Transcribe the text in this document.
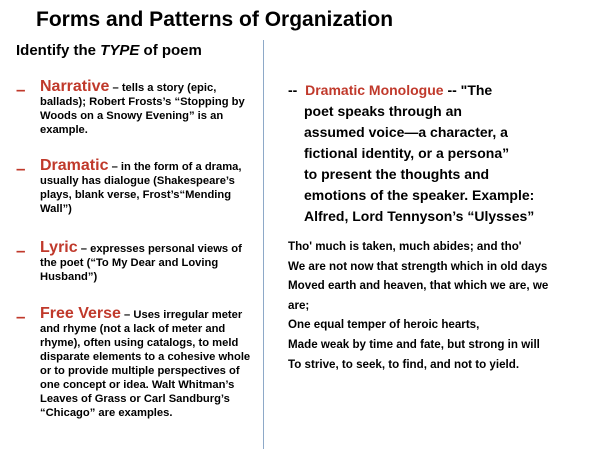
Forms and Patterns of Organization
Identify the TYPE of poem
– Narrative – tells a story (epic, ballads); Robert Frosts’s “Stopping by Woods on a Snowy Evening” is an example.
– Dramatic – in the form of a drama, usually has dialogue (Shakespeare’s plays, blank verse, Frost’s“Mending Wall”)
– Lyric – expresses personal views of the poet (“To My Dear and Loving Husband”)
– Free Verse – Uses irregular meter and rhyme (not a lack of meter and rhyme), often using catalogs, to meld disparate elements to a cohesive whole or to provide multiple perspectives of one concept or idea. Walt Whitman’s Leaves of Grass or Carl Sandburg’s “Chicago” are examples.
-- Dramatic Monologue -- "The
poet speaks through an
assumed voice—a character, a
fictional identity, or a persona”
to present the thoughts and
emotions of the speaker. Example:
Alfred, Lord Tennyson’s “Ulysses”
Tho' much is taken, much abides; and tho'
We are not now that strength which in old days
Moved earth and heaven, that which we are, we
are;
One equal temper of heroic hearts,
Made weak by time and fate, but strong in will
To strive, to seek, to find, and not to yield.
